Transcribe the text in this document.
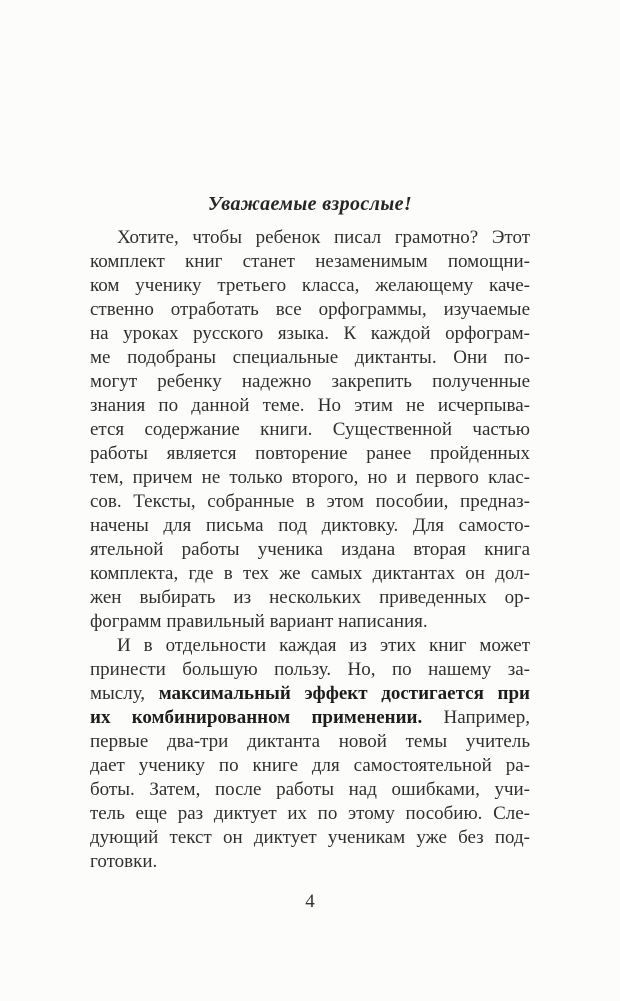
Уважаемые взрослые!
Хотите, чтобы ребенок писал грамотно? Этот
комплект книг станет незаменимым помощни-
ком ученику третьего класса, желающему каче-
ственно отработать все орфограммы, изучаемые
на уроках русского языка. К каждой орфограм-
ме подобраны специальные диктанты. Они по-
могут ребенку надежно закрепить полученные
знания по данной теме. Но этим не исчерпыва-
ется содержание книги. Существенной частью
работы является повторение ранее пройденных
тем, причем не только второго, но и первого клас-
сов. Тексты, собранные в этом пособии, предназ-
начены для письма под диктовку. Для самосто-
ятельной работы ученика издана вторая книга
комплекта, где в тех же самых диктантах он дол-
жен выбирать из нескольких приведенных ор-
фограмм правильный вариант написания.
И в отдельности каждая из этих книг может
принести большую пользу. Но, по нашему за-
мыслу, максимальный эффект достигается при
их комбинированном применении. Например,
первые два-три диктанта новой темы учитель
дает ученику по книге для самостоятельной ра-
боты. Затем, после работы над ошибками, учи-
тель еще раз диктует их по этому пособию. Сле-
дующий текст он диктует ученикам уже без под-
готовки.
4
